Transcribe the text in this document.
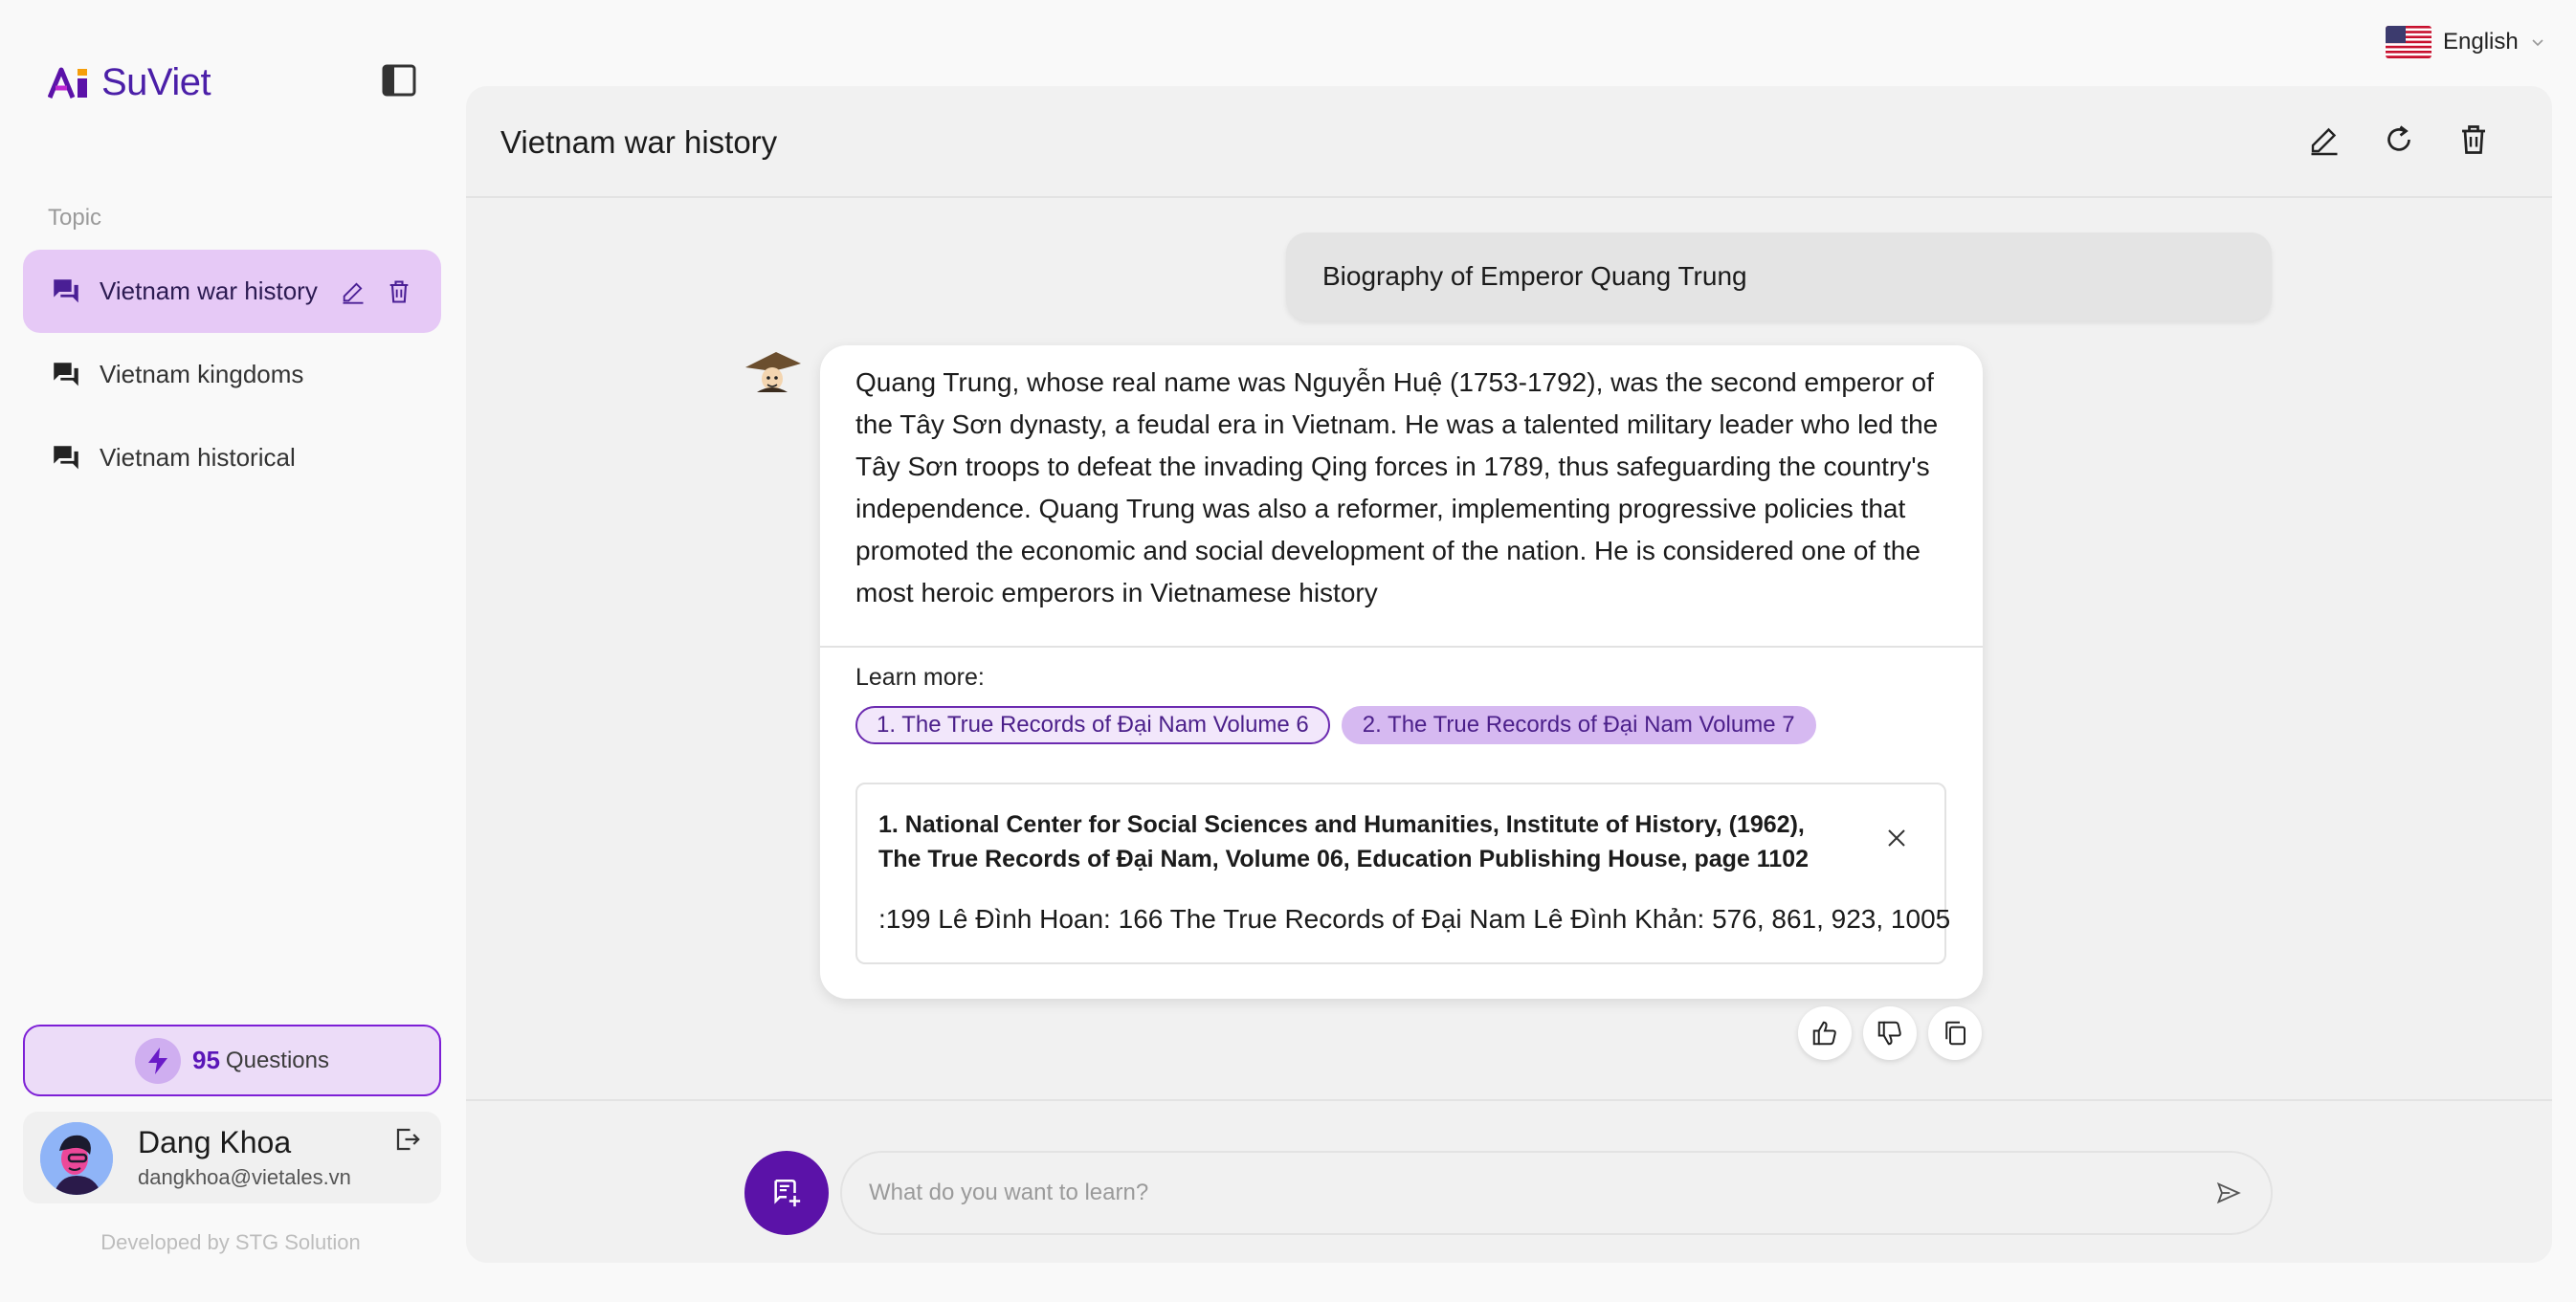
English
SuViet
Topic
Vietnam war history
Vietnam kingdoms
Vietnam historical
95 Questions
Dang Khoa
dangkhoa@vietales.vn
Developed by STG Solution
Vietnam war history
Biography of Emperor Quang Trung
Quang Trung, whose real name was Nguyễn Huệ (1753-1792), was the second emperor of the Tây Sơn dynasty, a feudal era in Vietnam. He was a talented military leader who led the Tây Sơn troops to defeat the invading Qing forces in 1789, thus safeguarding the country's independence. Quang Trung was also a reformer, implementing progressive policies that promoted the economic and social development of the nation. He is considered one of the most heroic emperors in Vietnamese history
Learn more:
1. The True Records of Đại Nam Volume 6	2. The True Records of Đại Nam Volume 7
1. National Center for Social Sciences and Humanities, Institute of History, (1962), The True Records of Đại Nam, Volume 06, Education Publishing House, page 1102
:199 Lê Đình Hoan: 166 The True Records of Đại Nam Lê Đình Khản: 576, 861, 923, 1005
What do you want to learn?
